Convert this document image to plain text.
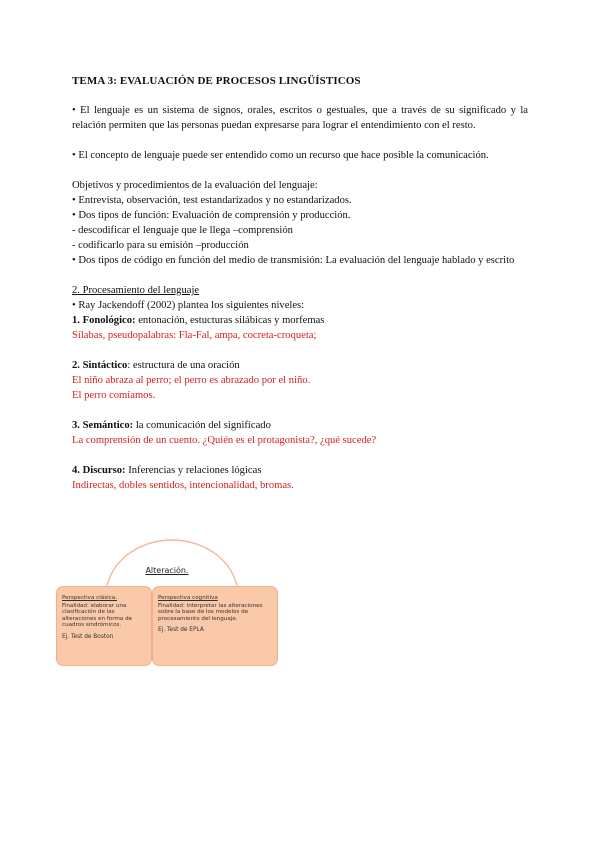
TEMA 3: EVALUACIÓN DE PROCESOS LINGÜÍSTICOS

• El lenguaje es un sistema de signos, orales, escritos o gestuales, que a través de su significado y la relación permiten que las personas puedan expresarse para lograr el entendimiento con el resto.

• El concepto de lenguaje puede ser entendido como un recurso que hace posible la comunicación.

Objetivos y procedimientos de la evaluación del lenguaje:

• Entrevista, observación, test estandarizados y no estandarizados.

• Dos tipos de función: Evaluación de comprensión y producción.

- descodificar el lenguaje que le llega –comprensión

- codificarlo para su emisión –producción

• Dos tipos de código en función del medio de transmisión: La evaluación del lenguaje hablado y escrito

2. Procesamiento del lenguaje

• Ray Jackendoff (2002) plantea los siguientes niveles:

1. Fonológico: entonación, estucturas silábicas y morfemas

Sílabas, pseudopalabras: Fla-Fal, ampa, cocreta-croqueta;

2. Sintáctico: estructura de una oración

El niño abraza al perro; el perro es abrazado por el niño.

El perro comíamos.

3. Semántico: la comunicación del significado

La comprensión de un cuento. ¿Quién es el protagonista?, ¿qué sucede?

4. Discurso: Inferencias y relaciones lógicas

Indirectas, dobles sentidos, intencionalidad, bromas.

Alteración.
Perspectiva clásica.
Finalidad: elaborar una clasificación de las alteraciones en forma de cuadros sindrómicos.
Ej. Test de Boston
Perspectiva cognitiva
Finalidad: interpretar las alteraciones sobre la base de los modelos de procesamiento del lenguaje.
Ej. Test de EPLA
